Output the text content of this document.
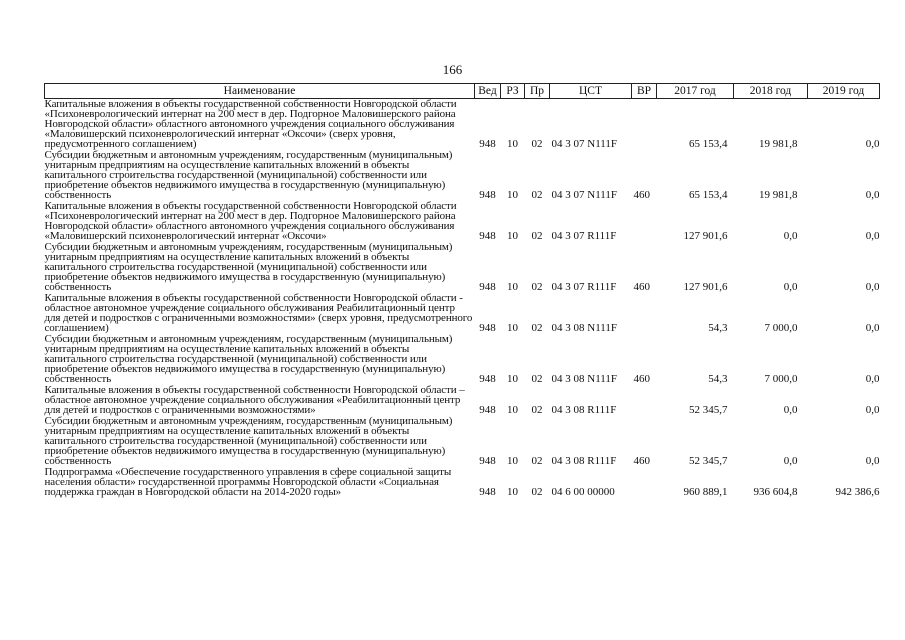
166
Наименование	Вед	РЗ	Пр	ЦСТ	ВР	2017 год	2018 год	2019 год
Капитальные вложения в объекты государственной собственности Новгородской области «Психоневрологический интернат на 200 мест в дер. Подгорное Маловишерского района Новгородской области» областного автономного учреждения социального обслуживания «Маловишерский психоневрологический интернат «Оксочи» (сверх уровня, предусмотренного соглашением)	948	10	02	04 3 07 N111F		65 153,4	19 981,8	0,0
Субсидии бюджетным и автономным учреждениям, государственным (муниципальным) унитарным предприятиям на осуществление капитальных вложений в объекты капитального строительства государственной (муниципальной) собственности или приобретение объектов недвижимого имущества в государственную (муниципальную) собственность	948	10	02	04 3 07 N111F	460	65 153,4	19 981,8	0,0
Капитальные вложения в объекты государственной собственности Новгородской области «Психоневрологический интернат на 200 мест в дер. Подгорное Маловишерского района Новгородской области» областного автономного учреждения социального обслуживания «Маловишерский психоневрологический интернат «Оксочи»	948	10	02	04 3 07 R111F		127 901,6	0,0	0,0
Субсидии бюджетным и автономным учреждениям, государственным (муниципальным) унитарным предприятиям на осуществление капитальных вложений в объекты капитального строительства государственной (муниципальной) собственности или приобретение объектов недвижимого имущества в государственную (муниципальную) собственность	948	10	02	04 3 07 R111F	460	127 901,6	0,0	0,0
Капитальные вложения в объекты государственной собственности Новгородской области - областное автономное учреждение социального обслуживания Реабилитационный центр для детей и подростков с ограниченными возможностями» (сверх уровня, предусмотренного соглашением)	948	10	02	04 3 08 N111F		54,3	7 000,0	0,0
Субсидии бюджетным и автономным учреждениям, государственным (муниципальным) унитарным предприятиям на осуществление капитальных вложений в объекты капитального строительства государственной (муниципальной) собственности или приобретение объектов недвижимого имущества в государственную (муниципальную) собственность	948	10	02	04 3 08 N111F	460	54,3	7 000,0	0,0
Капитальные вложения в объекты государственной собственности Новгородской области – областное автономное учреждение социального обслуживания «Реабилитационный центр для детей и подростков с ограниченными возможностями»	948	10	02	04 3 08 R111F		52 345,7	0,0	0,0
Субсидии бюджетным и автономным учреждениям, государственным (муниципальным) унитарным предприятиям на осуществление капитальных вложений в объекты капитального строительства государственной (муниципальной) собственности или приобретение объектов недвижимого имущества в государственную (муниципальную) собственность	948	10	02	04 3 08 R111F	460	52 345,7	0,0	0,0
Подпрограмма «Обеспечение государственного управления в сфере социальной защиты населения области» государственной программы Новгородской области «Социальная поддержка граждан в Новгородской области на 2014-2020 годы»	948	10	02	04 6 00 00000		960 889,1	936 604,8	942 386,6
